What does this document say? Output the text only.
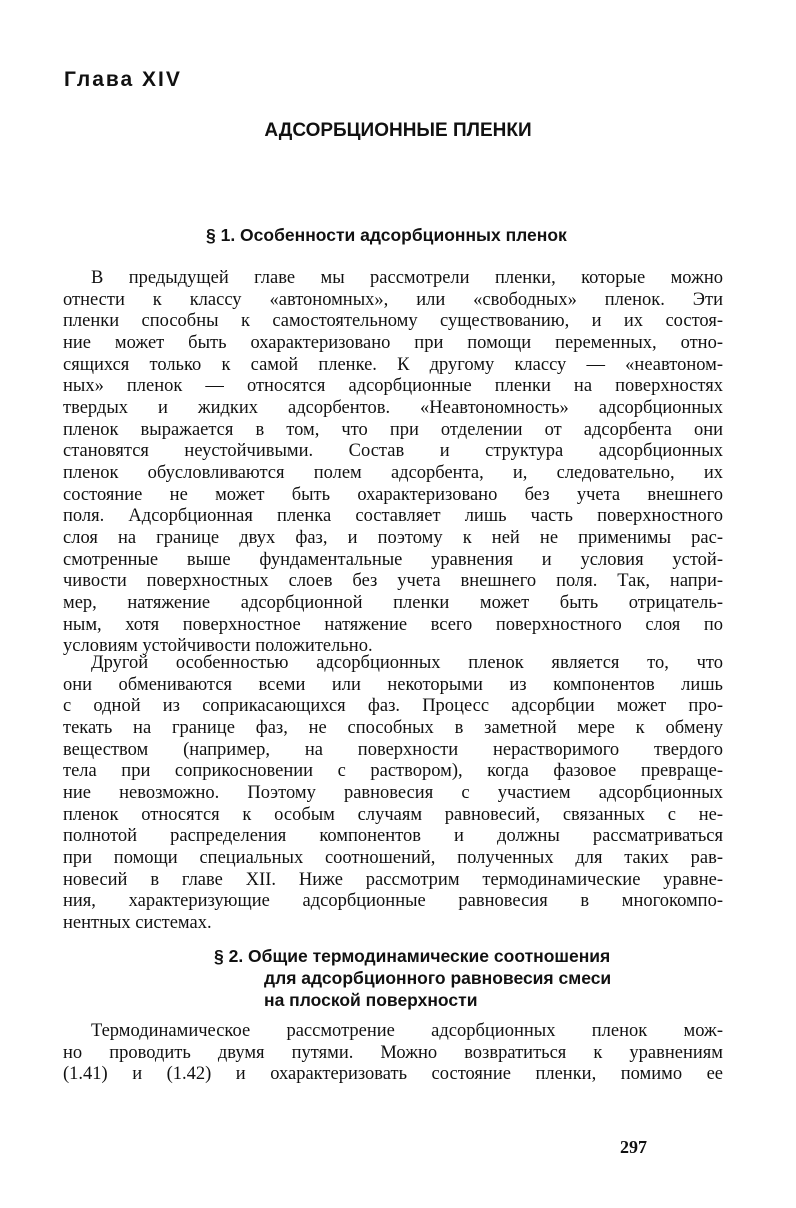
Глава XIV
АДСОРБЦИОННЫЕ ПЛЕНКИ
§ 1. Особенности адсорбционных пленок
В предыдущей главе мы рассмотрели пленки, которые можно
отнести к классу «автономных», или «свободных» пленок. Эти
пленки способны к самостоятельному существованию, и их состоя-
ние может быть охарактеризовано при помощи переменных, отно-
сящихся только к самой пленке. К другому классу — «неавтоном-
ных» пленок — относятся адсорбционные пленки на поверхностях
твердых и жидких адсорбентов. «Неавтономность» адсорбционных
пленок выражается в том, что при отделении от адсорбента они
становятся неустойчивыми. Состав и структура адсорбционных
пленок обусловливаются полем адсорбента, и, следовательно, их
состояние не может быть охарактеризовано без учета внешнего
поля. Адсорбционная пленка составляет лишь часть поверхностного
слоя на границе двух фаз, и поэтому к ней не применимы рас-
смотренные выше фундаментальные уравнения и условия устой-
чивости поверхностных слоев без учета внешнего поля. Так, напри-
мер, натяжение адсорбционной пленки может быть отрицатель-
ным, хотя поверхностное натяжение всего поверхностного слоя по
условиям устойчивости положительно.
Другой особенностью адсорбционных пленок является то, что
они обмениваются всеми или некоторыми из компонентов лишь
с одной из соприкасающихся фаз. Процесс адсорбции может про-
текать на границе фаз, не способных в заметной мере к обмену
веществом (например, на поверхности нерастворимого твердого
тела при соприкосновении с раствором), когда фазовое превраще-
ние невозможно. Поэтому равновесия с участием адсорбционных
пленок относятся к особым случаям равновесий, связанных с не-
полнотой распределения компонентов и должны рассматриваться
при помощи специальных соотношений, полученных для таких рав-
новесий в главе XII. Ниже рассмотрим термодинамические уравне-
ния, характеризующие адсорбционные равновесия в многокомпо-
нентных системах.
§ 2. Общие термодинамические соотношения
для адсорбционного равновесия смеси
на плоской поверхности
Термодинамическое рассмотрение адсорбционных пленок мож-
но проводить двумя путями. Можно возвратиться к уравнениям
(1.41) и (1.42) и охарактеризовать состояние пленки, помимо ее
297
